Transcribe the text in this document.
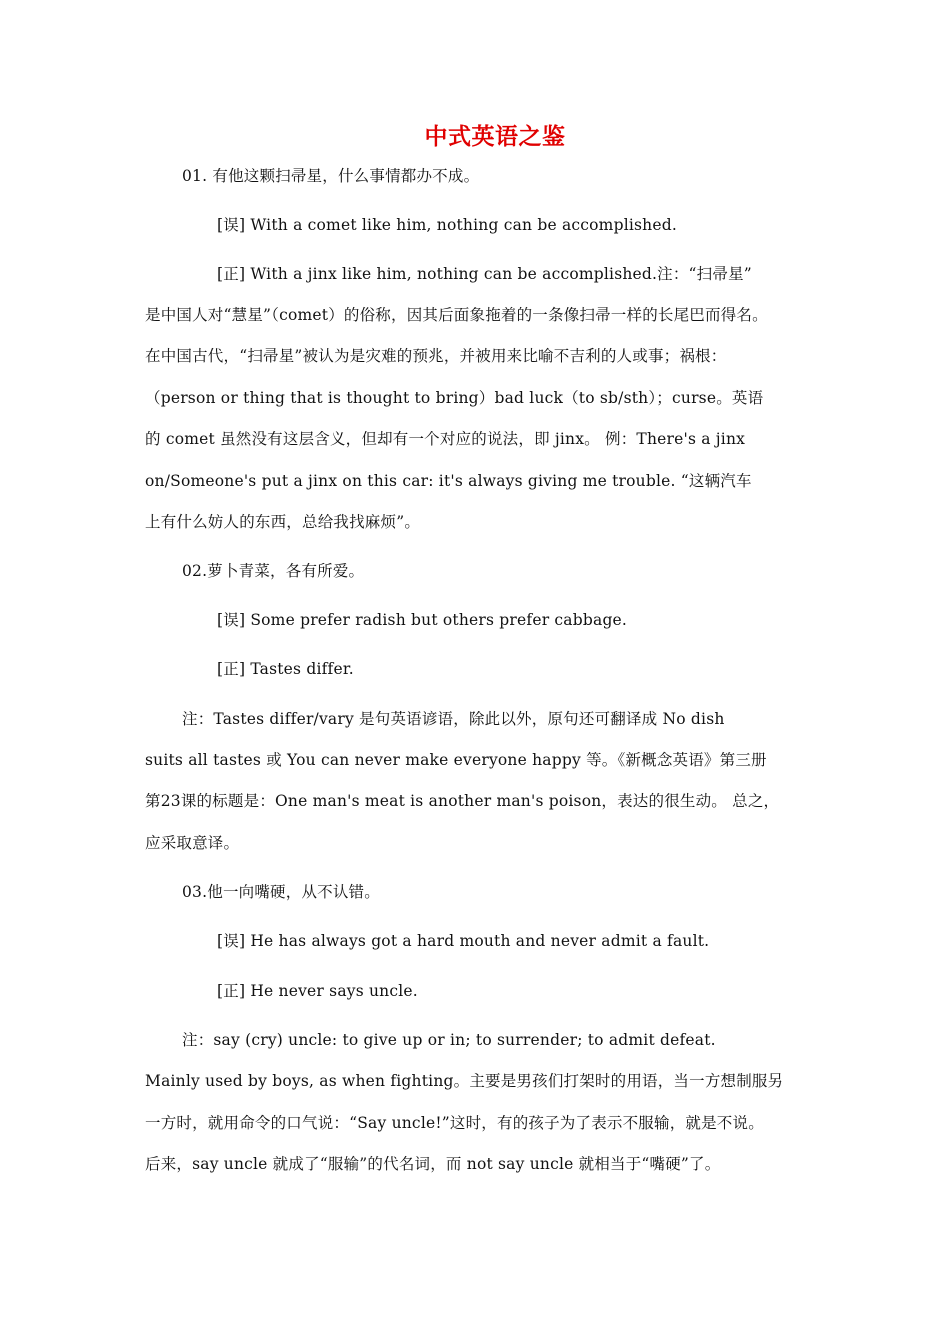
中式英语之鉴
01. 有他这颗扫帚星，什么事情都办不成。
[误] With a comet like him, nothing can be accomplished.
[正] With a jinx like him, nothing can be accomplished.注：“扫帚星”
是中国人对“慧星”（comet）的俗称，因其后面象拖着的一条像扫帚一样的长尾巴而得名。
在中国古代，“扫帚星”被认为是灾难的预兆，并被用来比喻不吉利的人或事；祸根：
（person or thing that is thought to bring）bad luck（to sb/sth）；curse。英语
的 comet 虽然没有这层含义，但却有一个对应的说法，即 jinx。 例：There's a jinx
on/Someone's put a jinx on this car: it's always giving me trouble. “这辆汽车
上有什么妨人的东西，总给我找麻烦”。
02.萝卜青菜，各有所爱。
[误] Some prefer radish but others prefer cabbage.
[正] Tastes differ.
注：Tastes differ/vary 是句英语谚语，除此以外，原句还可翻译成 No dish
suits all tastes 或 You can never make everyone happy 等。《新概念英语》第三册
第23课的标题是：One man's meat is another man's poison，表达的很生动。 总之，
应采取意译。
03.他一向嘴硬，从不认错。
[误] He has always got a hard mouth and never admit a fault.
[正] He never says uncle.
注：say (cry) uncle: to give up or in; to surrender; to admit defeat.
Mainly used by boys, as when fighting。主要是男孩们打架时的用语，当一方想制服另
一方时，就用命令的口气说：“Say uncle!”这时，有的孩子为了表示不服输，就是不说。
后来，say uncle 就成了“服输”的代名词，而 not say uncle 就相当于“嘴硬”了。
